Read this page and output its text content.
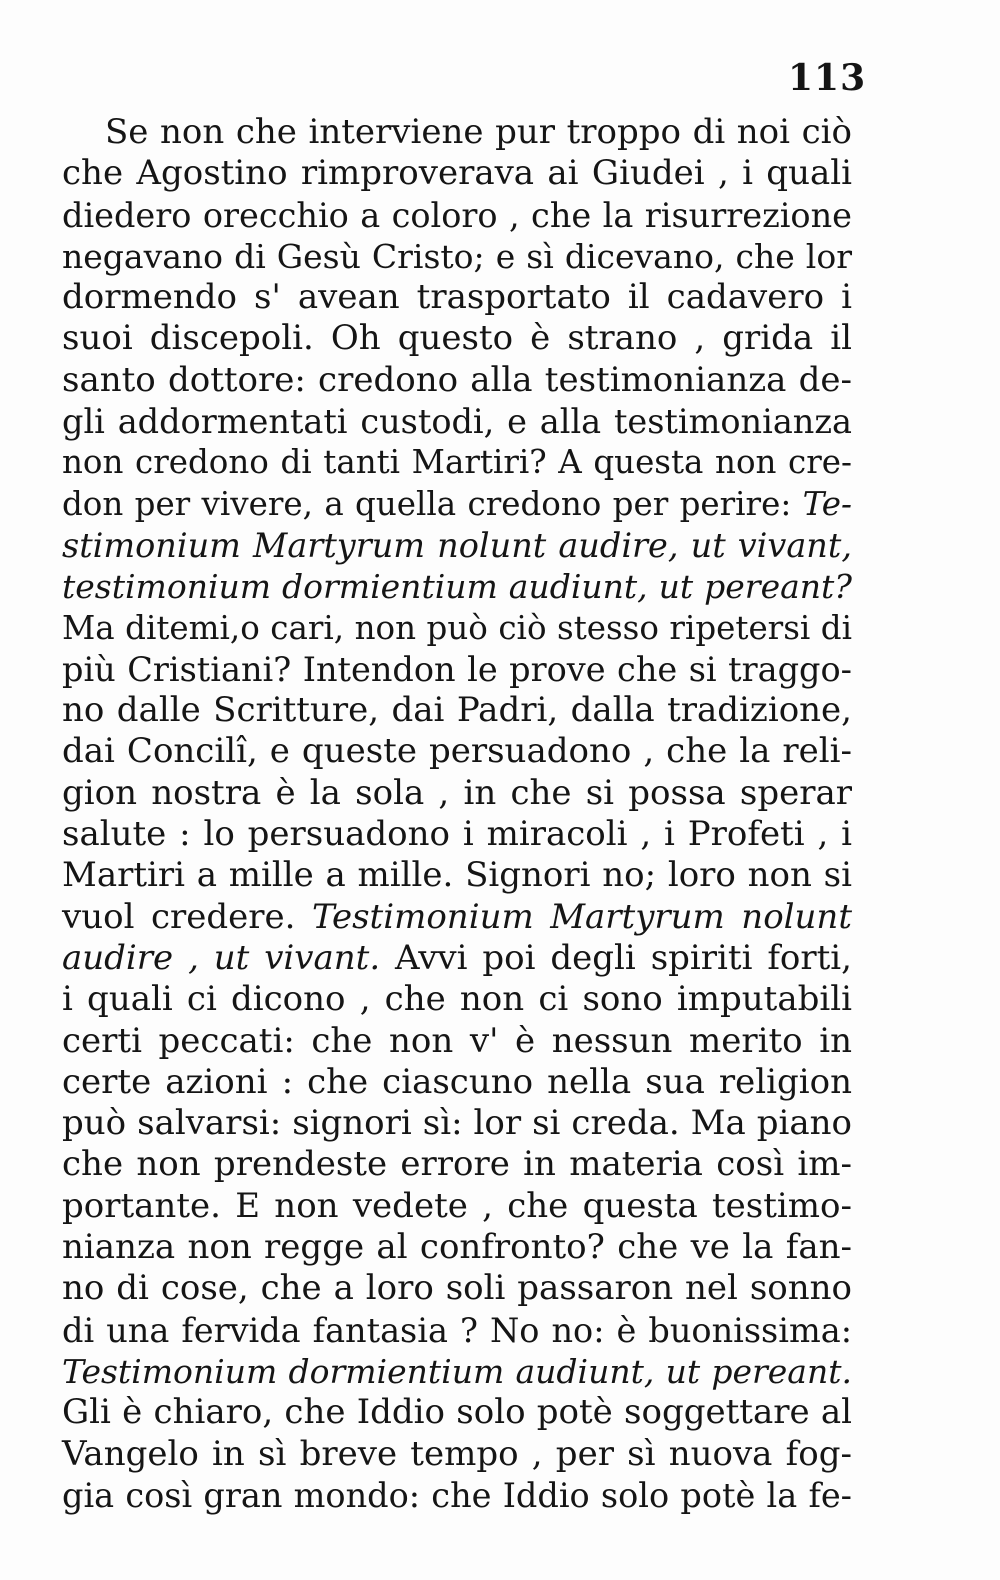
113
Se non che interviene pur troppo di noi ciò
che Agostino rimproverava ai Giudei , i quali
diedero orecchio a coloro , che la risurrezione
negavano di Gesù Cristo; e sì dicevano, che lor
dormendo s' avean trasportato il cadavero i
suoi discepoli. Oh questo è strano , grida il
santo dottore: credono alla testimonianza de-
gli addormentati custodi, e alla testimonianza
non credono di tanti Martiri? A questa non cre-
don per vivere, a quella credono per perire: Te-
stimonium Martyrum nolunt audire, ut vivant,
testimonium dormientium audiunt, ut pereant?
Ma ditemi,o cari, non può ciò stesso ripetersi di
più Cristiani? Intendon le prove che si traggo-
no dalle Scritture, dai Padri, dalla tradizione,
dai Concilî, e queste persuadono , che la reli-
gion nostra è la sola , in che si possa sperar
salute : lo persuadono i miracoli , i Profeti , i
Martiri a mille a mille. Signori no; loro non si
vuol credere. Testimonium Martyrum nolunt
audire , ut vivant. Avvi poi degli spiriti forti,
i quali ci dicono , che non ci sono imputabili
certi peccati: che non v' è nessun merito in
certe azioni : che ciascuno nella sua religion
può salvarsi: signori sì: lor si creda. Ma piano
che non prendeste errore in materia così im-
portante. E non vedete , che questa testimo-
nianza non regge al confronto? che ve la fan-
no di cose, che a loro soli passaron nel sonno
di una fervida fantasia ? No no: è buonissima:
Testimonium dormientium audiunt, ut pereant.
Gli è chiaro, che Iddio solo potè soggettare al
Vangelo in sì breve tempo , per sì nuova fog-
gia così gran mondo: che Iddio solo potè la fe-
